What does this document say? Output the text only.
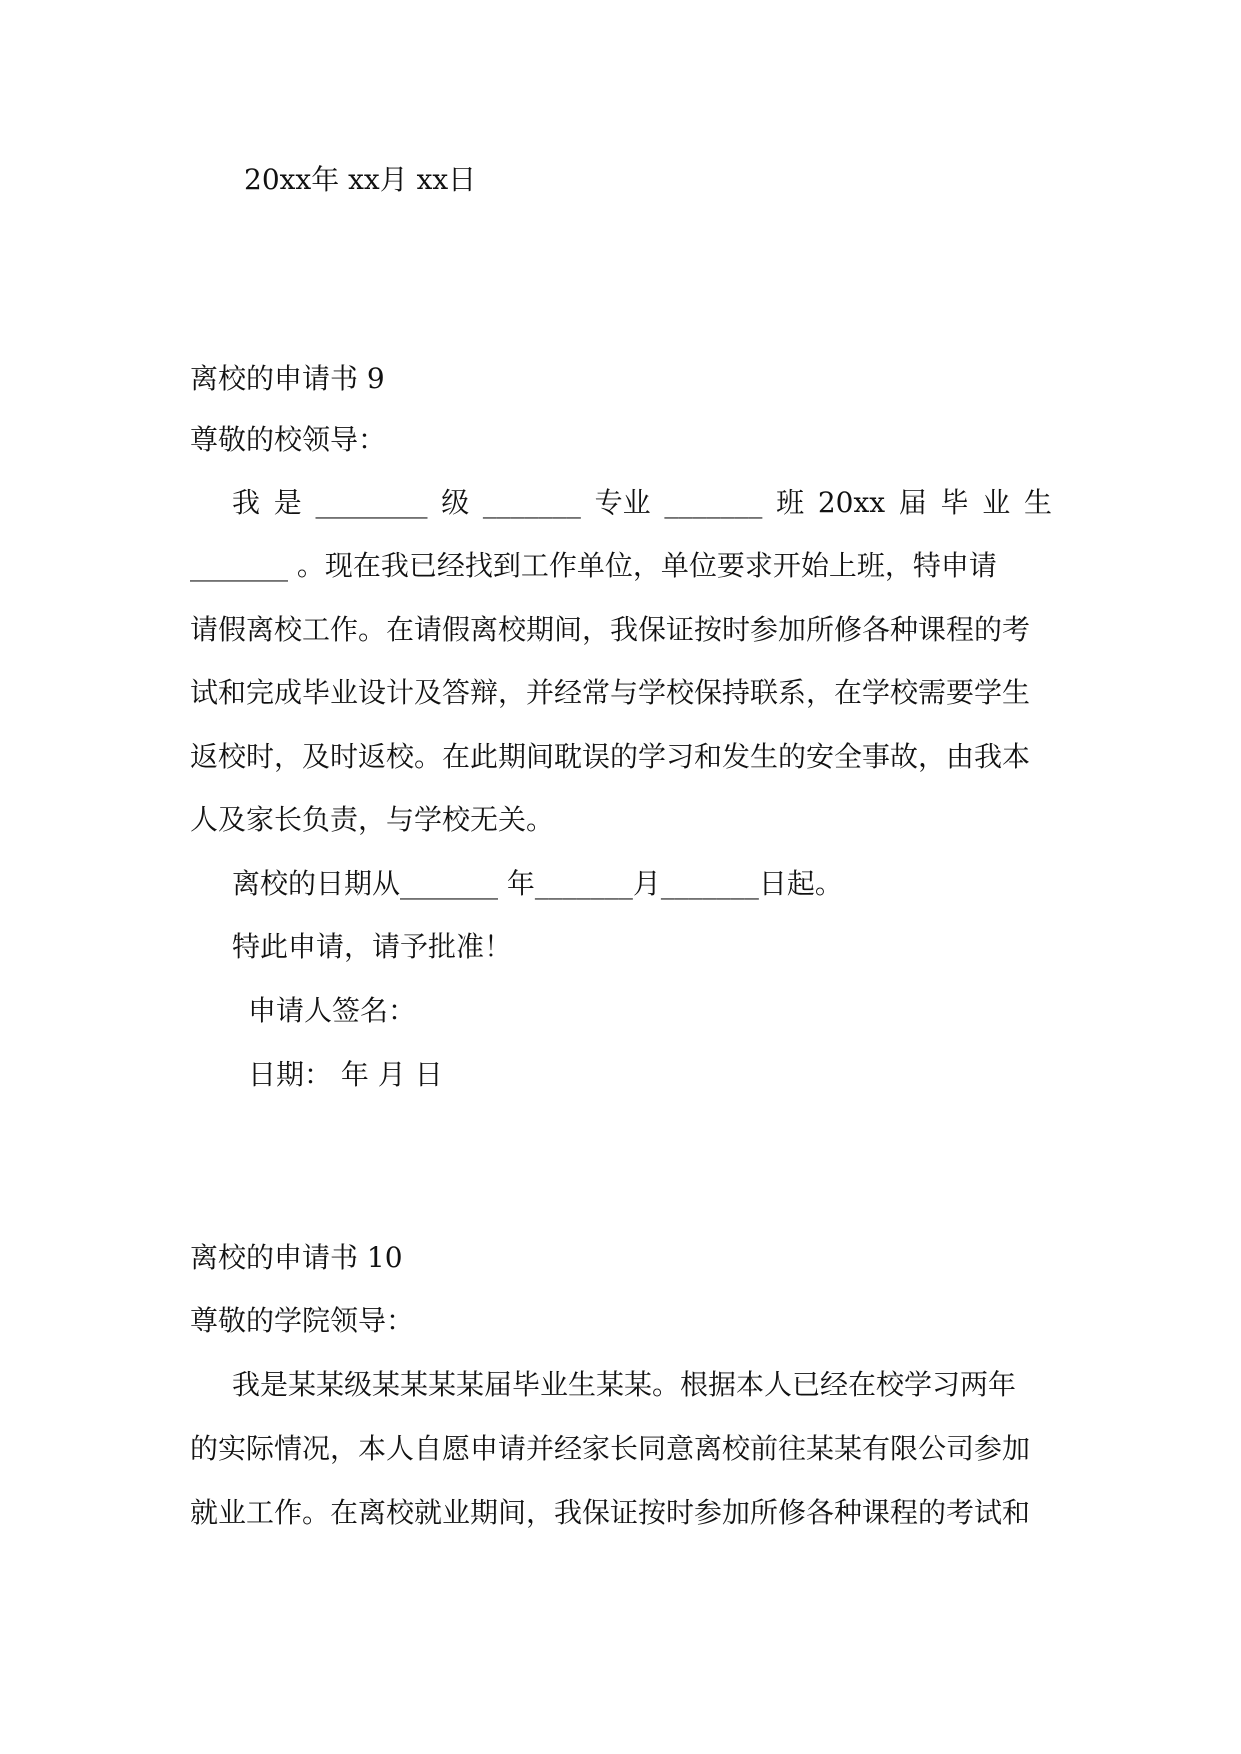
20xx年 xx月 xx日
离校的申请书 9
尊敬的校领导：
我 是 ________ 级 _______ 专业 _______ 班 20xx 届 毕 业 生
_______ 。现在我已经找到工作单位，单位要求开始上班，特申请
请假离校工作。在请假离校期间，我保证按时参加所修各种课程的考
试和完成毕业设计及答辩，并经常与学校保持联系，在学校需要学生
返校时，及时返校。在此期间耽误的学习和发生的安全事故，由我本
人及家长负责，与学校无关。
离校的日期从_______ 年_______月_______日起。
特此申请，请予批准！
申请人签名：
日期： 年 月 日
离校的申请书 10
尊敬的学院领导：
我是某某级某某某某届毕业生某某。根据本人已经在校学习两年
的实际情况，本人自愿申请并经家长同意离校前往某某有限公司参加
就业工作。在离校就业期间，我保证按时参加所修各种课程的考试和
